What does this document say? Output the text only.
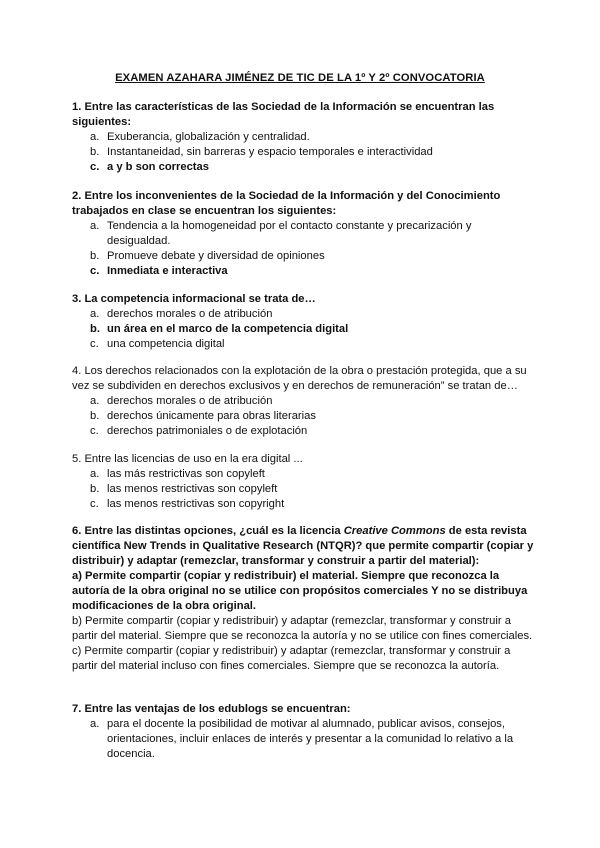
EXAMEN AZAHARA JIMÉNEZ DE TIC DE LA 1º Y 2º CONVOCATORIA
1. Entre las características de las Sociedad de la Información se encuentran las siguientes:
a. Exuberancia, globalización y centralidad.
b. Instantaneidad, sin barreras y espacio temporales e interactividad
c. a y b son correctas
2. Entre los inconvenientes de la Sociedad de la Información y del Conocimiento trabajados en clase se encuentran los siguientes:
a. Tendencia a la homogeneidad por el contacto constante y precarización y desigualdad.
b. Promueve debate y diversidad de opiniones
c. Inmediata e interactiva
3. La competencia informacional se trata de…
a. derechos morales o de atribución
b. un área en el marco de la competencia digital
c. una competencia digital
4. Los derechos relacionados con la explotación de la obra o prestación protegida, que a su vez se subdividen en derechos exclusivos y en derechos de remuneración” se tratan de…
a. derechos morales o de atribución
b. derechos únicamente para obras literarias
c. derechos patrimoniales o de explotación
5. Entre las licencias de uso en la era digital ...
a. las más restrictivas son copyleft
b. las menos restrictivas son copyleft
c. las menos restrictivas son copyright
6. Entre las distintas opciones, ¿cuál es la licencia Creative Commons de esta revista científica New Trends in Qualitative Research (NTQR)? que permite compartir (copiar y distribuir) y adaptar (remezclar, transformar y construir a partir del material):
a) Permite compartir (copiar y redistribuir) el material. Siempre que reconozca la autoría de la obra original no se utilice con propósitos comerciales Y no se distribuya modificaciones de la obra original.
b) Permite compartir (copiar y redistribuir) y adaptar (remezclar, transformar y construir a partir del material. Siempre que se reconozca la autoría y no se utilice con fines comerciales.
c) Permite compartir (copiar y redistribuir) y adaptar (remezclar, transformar y construir a partir del material incluso con fines comerciales. Siempre que se reconozca la autoría.
7. Entre las ventajas de los edublogs se encuentran:
a. para el docente la posibilidad de motivar al alumnado, publicar avisos, consejos, orientaciones, incluir enlaces de interés y presentar a la comunidad lo relativo a la docencia.
